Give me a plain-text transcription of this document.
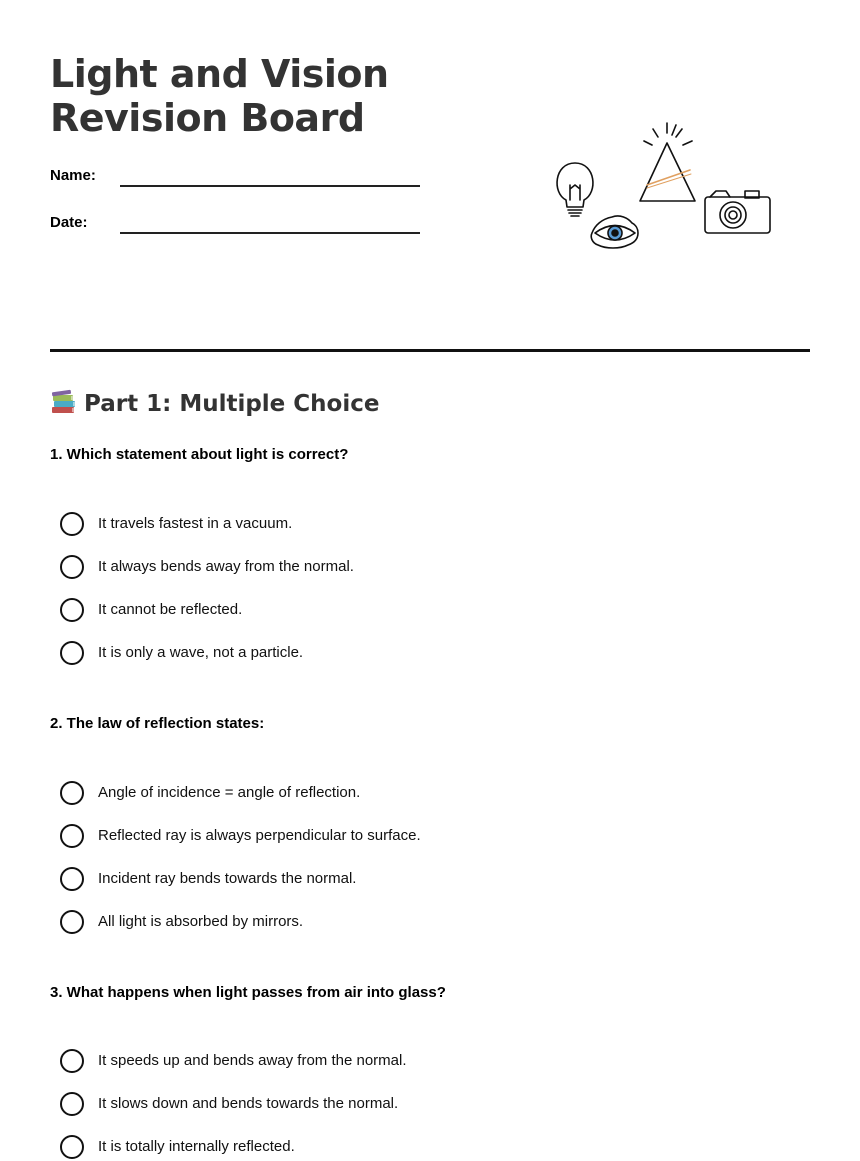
Light and Vision
Revision Board
Name:
Date:
Part 1: Multiple Choice

1. Which statement about light is correct?

It travels fastest in a vacuum.
It always bends away from the normal.
It cannot be reflected.
It is only a wave, not a particle.

2. The law of reflection states:

Angle of incidence = angle of reflection.
Reflected ray is always perpendicular to surface.
Incident ray bends towards the normal.
All light is absorbed by mirrors.

3. What happens when light passes from air into glass?

It speeds up and bends away from the normal.
It slows down and bends towards the normal.
It is totally internally reflected.
